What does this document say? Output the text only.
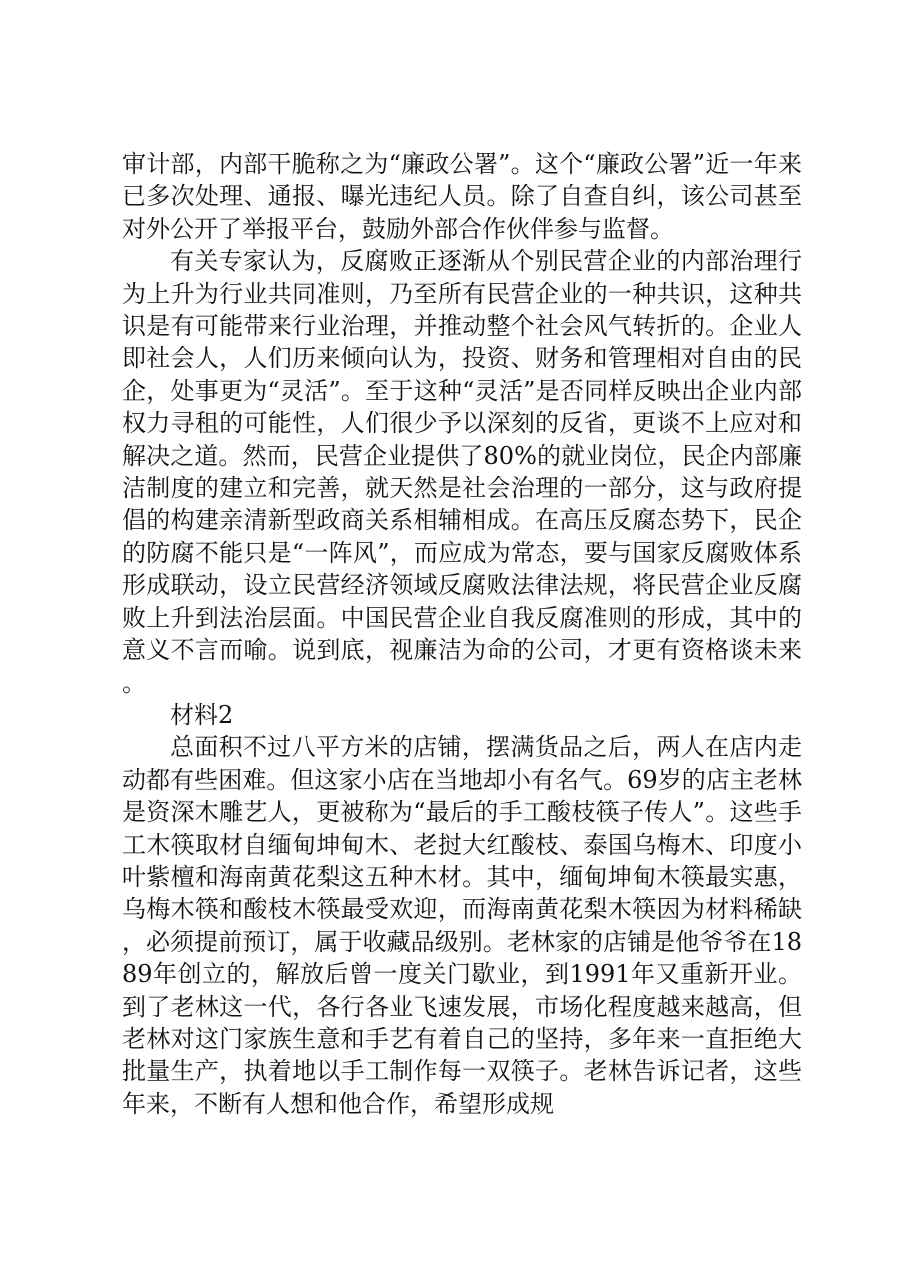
审计部，内部干脆称之为“廉政公署”。这个“廉政公署”近一年来已多次处理、通报、曝光违纪人员。除了自查自纠，该公司甚至对外公开了举报平台，鼓励外部合作伙伴参与监督。

有关专家认为，反腐败正逐渐从个别民营企业的内部治理行为上升为行业共同准则，乃至所有民营企业的一种共识，这种共识是有可能带来行业治理，并推动整个社会风气转折的。企业人即社会人，人们历来倾向认为，投资、财务和管理相对自由的民企，处事更为“灵活”。至于这种“灵活”是否同样反映出企业内部权力寻租的可能性，人们很少予以深刻的反省，更谈不上应对和解决之道。然而，民营企业提供了80%的就业岗位，民企内部廉洁制度的建立和完善，就天然是社会治理的一部分，这与政府提倡的构建亲清新型政商关系相辅相成。在高压反腐态势下，民企的防腐不能只是“一阵风”，而应成为常态，要与国家反腐败体系形成联动，设立民营经济领域反腐败法律法规，将民营企业反腐败上升到法治层面。中国民营企业自我反腐准则的形成，其中的意义不言而喻。说到底，视廉洁为命的公司，才更有资格谈未来。

材料2

总面积不过八平方米的店铺，摆满货品之后，两人在店内走动都有些困难。但这家小店在当地却小有名气。69岁的店主老林是资深木雕艺人，更被称为“最后的手工酸枝筷子传人”。这些手工木筷取材自缅甸坤甸木、老挝大红酸枝、泰国乌梅木、印度小叶紫檀和海南黄花梨这五种木材。其中，缅甸坤甸木筷最实惠，乌梅木筷和酸枝木筷最受欢迎，而海南黄花梨木筷因为材料稀缺，必须提前预订，属于收藏品级别。老林家的店铺是他爷爷在1889年创立的，解放后曾一度关门歇业，到1991年又重新开业。到了老林这一代，各行各业飞速发展，市场化程度越来越高，但老林对这门家族生意和手艺有着自己的坚持，多年来一直拒绝大批量生产，执着地以手工制作每一双筷子。老林告诉记者，这些年来，不断有人想和他合作，希望形成规
